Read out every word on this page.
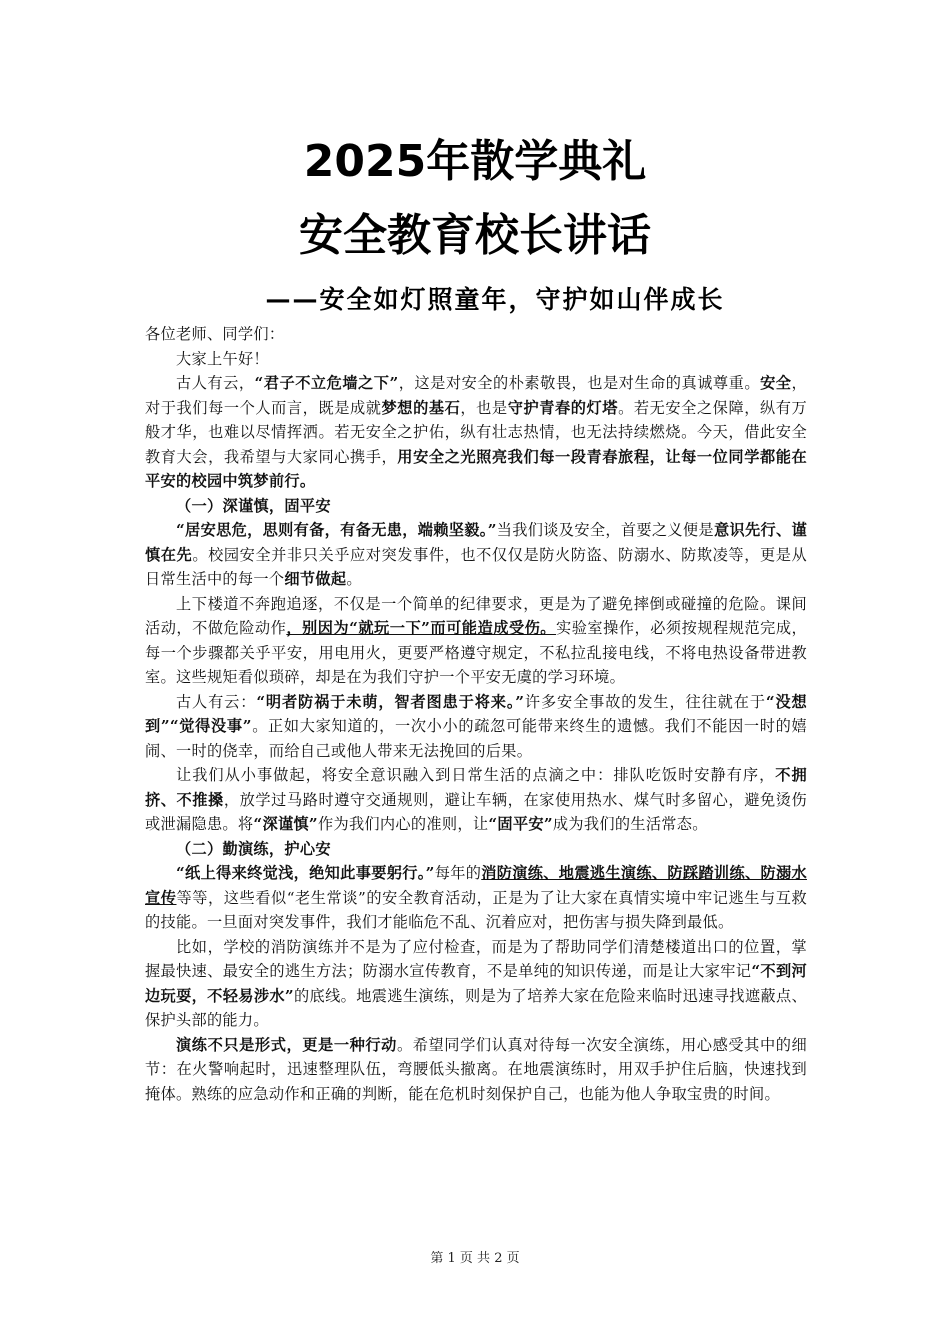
2025年散学典礼
安全教育校长讲话
——安全如灯照童年，守护如山伴成长

各位老师、同学们：

大家上午好！

古人有云，“君子不立危墙之下”，这是对安全的朴素敬畏，也是对生命的真诚尊重。安全，对于我们每一个人而言，既是成就梦想的基石，也是守护青春的灯塔。若无安全之保障，纵有万般才华，也难以尽情挥洒。若无安全之护佑，纵有壮志热情，也无法持续燃烧。今天，借此安全教育大会，我希望与大家同心携手，用安全之光照亮我们每一段青春旅程，让每一位同学都能在平安的校园中筑梦前行。

（一）深谨慎，固平安

“居安思危，思则有备，有备无患，端赖坚毅。”当我们谈及安全，首要之义便是意识先行、谨慎在先。校园安全并非只关乎应对突发事件，也不仅仅是防火防盗、防溺水、防欺凌等，更是从日常生活中的每一个细节做起。

上下楼道不奔跑追逐，不仅是一个简单的纪律要求，更是为了避免摔倒或碰撞的危险。课间活动，不做危险动作，别因为“就玩一下”而可能造成受伤。实验室操作，必须按规程规范完成，每一个步骤都关乎平安，用电用火，更要严格遵守规定，不私拉乱接电线，不将电热设备带进教室。这些规矩看似琐碎，却是在为我们守护一个平安无虞的学习环境。

古人有云：“明者防祸于未萌，智者图患于将来。”许多安全事故的发生，往往就在于“没想到”“觉得没事”。正如大家知道的，一次小小的疏忽可能带来终生的遗憾。我们不能因一时的嬉闹、一时的侥幸，而给自己或他人带来无法挽回的后果。

让我们从小事做起，将安全意识融入到日常生活的点滴之中：排队吃饭时安静有序，不拥挤、不推搡，放学过马路时遵守交通规则，避让车辆，在家使用热水、煤气时多留心，避免烫伤或泄漏隐患。将“深谨慎”作为我们内心的准则，让“固平安”成为我们的生活常态。

（二）勤演练，护心安

“纸上得来终觉浅，绝知此事要躬行。”每年的消防演练、地震逃生演练、防踩踏训练、防溺水宣传等等，这些看似“老生常谈”的安全教育活动，正是为了让大家在真情实境中牢记逃生与互救的技能。一旦面对突发事件，我们才能临危不乱、沉着应对，把伤害与损失降到最低。

比如，学校的消防演练并不是为了应付检查，而是为了帮助同学们清楚楼道出口的位置，掌握最快速、最安全的逃生方法；防溺水宣传教育，不是单纯的知识传递，而是让大家牢记“不到河边玩耍，不轻易涉水”的底线。地震逃生演练，则是为了培养大家在危险来临时迅速寻找遮蔽点、保护头部的能力。

演练不只是形式，更是一种行动。希望同学们认真对待每一次安全演练，用心感受其中的细节：在火警响起时，迅速整理队伍，弯腰低头撤离。在地震演练时，用双手护住后脑，快速找到掩体。熟练的应急动作和正确的判断，能在危机时刻保护自己，也能为他人争取宝贵的时间。

第 1 页 共 2 页
